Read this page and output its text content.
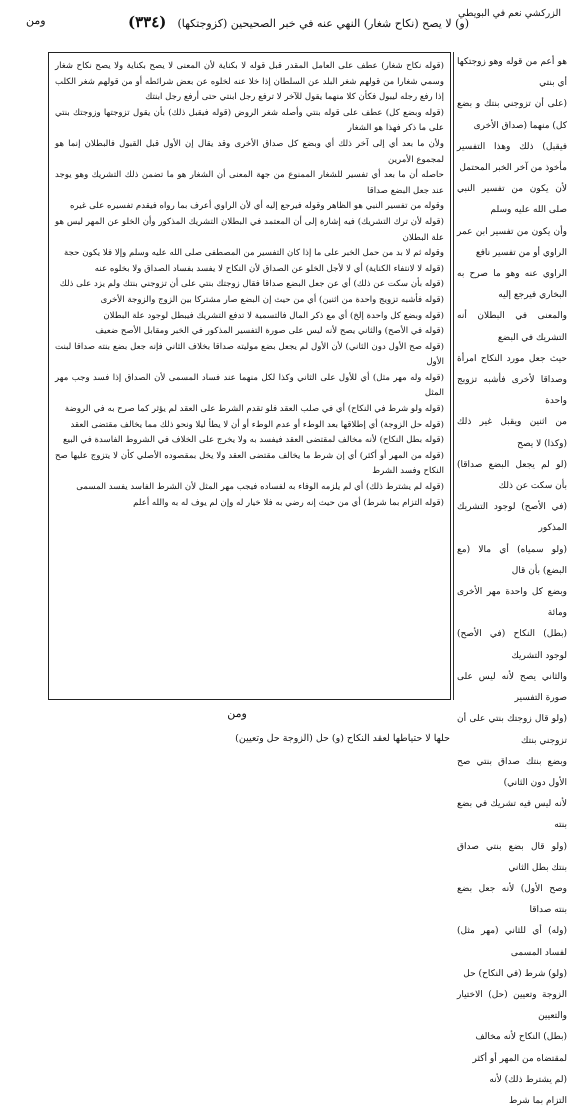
الزركشي نعم في البويطي
(و) لا يصح (نكاح شغار) النهي عنه في خبر الصحيحين (كزوجتكها) (٣٣٤)
ومن

(قوله نكاح شغار) عطف على العامل المقدر قبل قوله لا بكناية لأن المعنى لا يصح بكناية ولا يصح نكاح شغار وسمي شغارا من قولهم شغر البلد عن السلطان إذا خلا عنه لخلوه عن بعض شرائطه أو من قولهم شغر الكلب إذا رفع رجله ليبول فكأن كلا منهما يقول للآخر لا ترفع رجل ابنتي حتى أرفع رجل ابنتك

(قوله وبضع كل) عطف على قوله بنتي وأصله شغر الروض (قوله فيقبل ذلك) بأن يقول تزوجتها وزوجتك بنتي على ما ذكر فهذا هو الشغار

ولأن ما بعد أي إلى آخر ذلك أي وبضع كل صداق الأخرى وقد يقال إن الأول قبل القبول فالبطلان إنما هو لمجموع الأمرين

حاصله أن ما بعد أي تفسير للشغار الممنوع من جهة المعنى أن الشغار هو ما تضمن ذلك التشريك وهو يوجد عند جعل البضع صداقا

وقوله من تفسير النبي هو الظاهر وقوله فيرجع إليه أي لأن الراوي أعرف بما رواه فيقدم تفسيره على غيره

(قوله لأن ترك التشريك) فيه إشارة إلى أن المعتمد في البطلان التشريك المذكور وأن الخلو عن المهر ليس هو علة البطلان

وقوله ثم لا بد من حمل الخبر على ما إذا كان التفسير من المصطفى صلى الله عليه وسلم وإلا فلا يكون حجة

(قوله لا لانتفاء الكناية) أي لا لأجل الخلو عن الصداق لأن النكاح لا يفسد بفساد الصداق ولا بخلوه عنه

(قوله بأن سكت عن ذلك) أي عن جعل البضع صداقا فقال زوجتك بنتي على أن تزوجني بنتك ولم يزد على ذلك

(قوله فأشبه تزويج واحدة من اثنين) أي من حيث إن البضع صار مشتركا بين الزوج والزوجة الأخرى

(قوله وبضع كل واحدة إلخ) أي مع ذكر المال فالتسمية لا تدفع التشريك فيبطل لوجود علة البطلان

(قوله في الأصح) والثاني يصح لأنه ليس على صورة التفسير المذكور في الخبر ومقابل الأصح ضعيف

(قوله صح الأول دون الثاني) لأن الأول لم يجعل بضع موليته صداقا بخلاف الثاني فإنه جعل بضع بنته صداقا لبنت الأول

(قوله وله مهر مثل) أي للأول على الثاني وكذا لكل منهما عند فساد المسمى لأن الصداق إذا فسد وجب مهر المثل

(قوله ولو شرط في النكاح) أي في صلب العقد فلو تقدم الشرط على العقد لم يؤثر كما صرح به في الروضة

(قوله حل الزوجة) أي إطلاقها بعد الوطء أو عدم الوطء أو أن لا يطأ ليلا ونحو ذلك مما يخالف مقتضى العقد

(قوله بطل النكاح) لأنه مخالف لمقتضى العقد فيفسد به ولا يخرج على الخلاف في الشروط الفاسدة في البيع

(قوله من المهر أو أكثر) أي إن شرط ما يخالف مقتضى العقد ولا يخل بمقصوده الأصلي كأن لا يتزوج عليها صح النكاح وفسد الشرط

(قوله لم يشترط ذلك) أي لم يلزمه الوفاء به لفساده فيجب مهر المثل لأن الشرط الفاسد يفسد المسمى

(قوله التزام بما شرط) أي من حيث إنه رضي به فلا خيار له وإن لم يوف له به والله أعلم

هو أعم من قوله وهو زوجتكها أي بنتي

(على أن تزوجني بنتك و بضع كل) منهما (صداق الأخرى

فيقبل) ذلك وهذا التفسير مأخوذ من آخر الخبر المحتمل

لأن يكون من تفسير النبي صلى الله عليه وسلم

وأن يكون من تفسير ابن عمر الراوي أو من تفسير نافع

الراوي عنه وهو ما صرح به البخاري فيرجع إليه

والمعنى في البطلان أنه التشريك في البضع

حيث جعل مورد النكاح امرأة وصداقا لأخرى فأشبه تزويج واحدة

من اثنين ويقبل غير ذلك (وكذا) لا يصح

(لو لم يجعل البضع صداقا) بأن سكت عن ذلك

(في الأصح) لوجود التشريك المذكور

(ولو سمياه) أي مالا (مع البضع) بأن قال

وبضع كل واحدة مهر الأخرى ومائة

(بطل) النكاح (في الأصح) لوجود التشريك

والثاني يصح لأنه ليس على صورة التفسير

(ولو قال زوجتك بنتي على أن تزوجني بنتك

وبضع بنتك صداق بنتي صح الأول دون الثاني)

لأنه ليس فيه تشريك في بضع بنته

(ولو قال بضع بنتي صداق بنتك بطل الثاني

وصح الأول) لأنه جعل بضع بنته صداقا

(وله) أي للثاني (مهر مثل) لفساد المسمى

(ولو) شرط (في النكاح) حل

الزوجة وتعيين (حل) الاختيار والتعيين

(بطل) النكاح لأنه مخالف

لمقتضاه من المهر أو أكثر

(لم يشترط ذلك) لأنه

التزام بما شرط

ومن

حلها لا حتياطها لعقد النكاح (و) حل (الزوجة حل وتعيين)
